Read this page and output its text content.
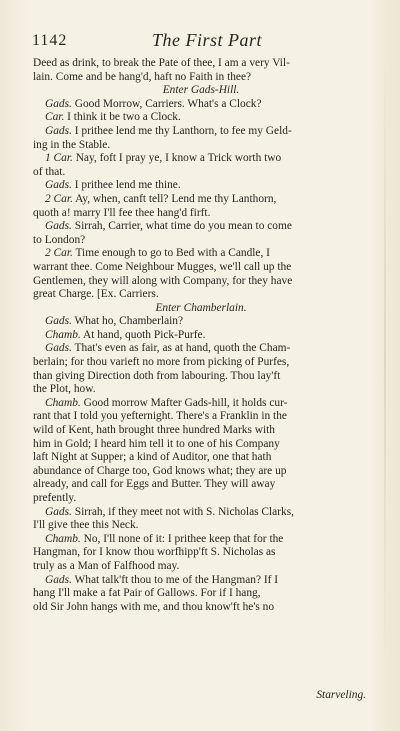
1142	The First Part

Deed as drink, to break the Pate of thee, I am a very Vil-

lain. Come and be hang'd, haft no Faith in thee?

Enter Gads-Hill.

Gads. Good Morrow, Carriers. What's a Clock?

Car. I think it be two a Clock.

Gads. I prithee lend me thy Lanthorn, to fee my Geld-

ing in the Stable.

1 Car. Nay, foft I pray ye, I know a Trick worth two

of that.

Gads. I prithee lend me thine.

2 Car. Ay, when, canft tell? Lend me thy Lanthorn,

quoth a! marry I'll fee thee hang'd firft.

Gads. Sirrah, Carrier, what time do you mean to come

to London?

2 Car. Time enough to go to Bed with a Candle, I

warrant thee. Come Neighbour Mugges, we'll call up the

Gentlemen, they will along with Company, for they have

great Charge. [Ex. Carriers.

Enter Chamberlain.

Gads. What ho, Chamberlain?

Chamb. At hand, quoth Pick-Purfe.

Gads. That's even as fair, as at hand, quoth the Cham-

berlain; for thou varieft no more from picking of Purfes,

than giving Direction doth from labouring. Thou lay'ft

the Plot, how.

Chamb. Good morrow Mafter Gads-hill, it holds cur-

rant that I told you yefternight. There's a Franklin in the

wild of Kent, hath brought three hundred Marks with

him in Gold; I heard him tell it to one of his Company

laft Night at Supper; a kind of Auditor, one that hath

abundance of Charge too, God knows what; they are up

already, and call for Eggs and Butter. They will away

prefently.

Gads. Sirrah, if they meet not with S. Nicholas Clarks,

I'll give thee this Neck.

Chamb. No, I'll none of it: I prithee keep that for the

Hangman, for I know thou worfhipp'ft S. Nicholas as

truly as a Man of Falfhood may.

Gads. What talk'ft thou to me of the Hangman? If I

hang I'll make a fat Pair of Gallows. For if I hang,

old Sir John hangs with me, and thou know'ft he's no

Starveling.
